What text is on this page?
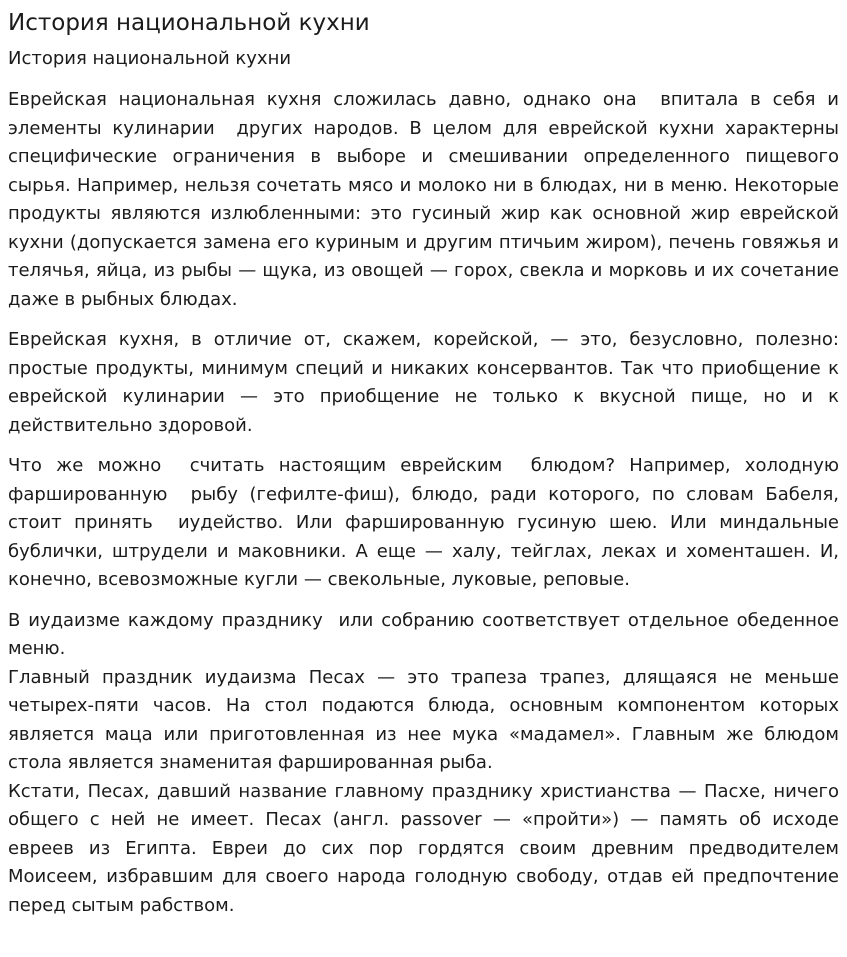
История национальной кухни
История национальной кухни

Еврейская национальная кухня сложилась давно, однако она  впитала в себя и элементы кулинарии  других народов. В целом для еврейской кухни характерны специфические ограничения в выборе и смешивании определенного пищевого сырья. Например, нельзя сочетать мясо и молоко ни в блюдах, ни в меню. Некоторые продукты являются излюбленными: это гусиный жир как основной жир еврейской кухни (допускается замена его куриным и другим птичьим жиром), печень говяжья и телячья, яйца, из рыбы — щука, из овощей — горох, свекла и морковь и их сочетание даже в рыбных блюдах.

Еврейская кухня, в отличие от, скажем, корейской, — это, безусловно, полезно: простые продукты, минимум специй и никаких консервантов. Так что приобщение к еврейской кулинарии — это приобщение не только к вкусной пище, но и к действительно здоровой.

Что же можно  считать настоящим еврейским  блюдом? Например, холодную фаршированную  рыбу (гефилте-фиш), блюдо, ради которого, по словам Бабеля, стоит принять  иудейство. Или фаршированную гусиную шею. Или миндальные бублички, штрудели и маковники. А еще — халу, тейглах, леках и хоменташен. И, конечно, всевозможные кугли — свекольные, луковые, реповые.

В иудаизме каждому празднику  или собранию соответствует отдельное обеденное меню.

Главный праздник иудаизма Песах — это трапеза трапез, длящаяся не меньше четырех-пяти часов. На стол подаются блюда, основным компонентом которых является маца или приготовленная из нее мука «мадамел». Главным же блюдом стола является знаменитая фаршированная рыба.

Кстати, Песах, давший название главному празднику христианства — Пасхе, ничего общего с ней не имеет. Песах (англ. passover — «пройти») — память об исходе евреев из Египта. Евреи до сих пор гордятся своим древним предводителем Моисеем, избравшим для своего народа голодную свободу, отдав ей предпочтение перед сытым рабством.
